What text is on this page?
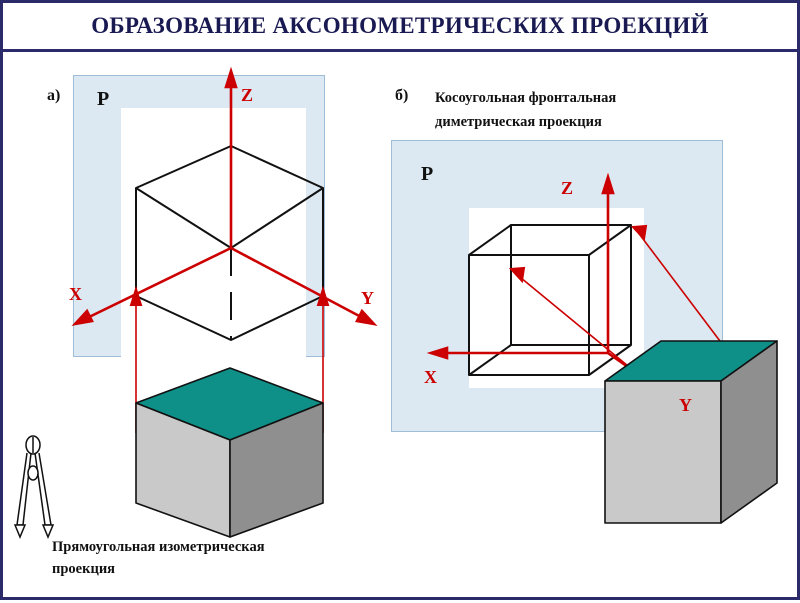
ОБРАЗОВАНИЕ АКСОНОМЕТРИЧЕСКИХ ПРОЕКЦИЙ
а) P	Z
X	Y
Прямоугольная изометрическая
проекция
б) Косоугольная фронтальная
диметрическая проекция
P
Z
X
Y
